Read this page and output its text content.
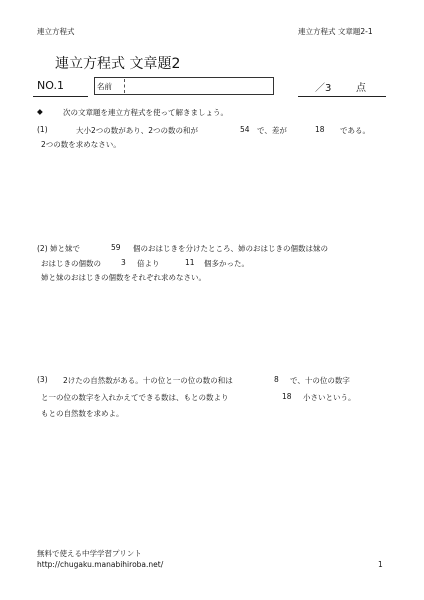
連立方程式	連立方程式 文章題2-1
連立方程式 文章題2
NO.1	名前	／3 点
◆	次の文章題を連立方程式を使って解きましょう。
(1)	大小2つの数があり、2つの数の和が	54 で、差が	18 である。
2つの数を求めなさい。
(2) 姉と妹で	59 個のおはじきを分けたところ、姉のおはじきの個数は妹の
おはじきの個数の	3 倍より	11 個多かった。
姉と妹のおはじきの個数をそれぞれ求めなさい。
(3) 2けたの自然数がある。十の位と一の位の数の和は	8 で、十の位の数字
と一の位の数字を入れかえてできる数は、もとの数より	18 小さいという。
もとの自然数を求めよ。
無料で使える中学学習プリント
http://chugaku.manabihiroba.net/	1
